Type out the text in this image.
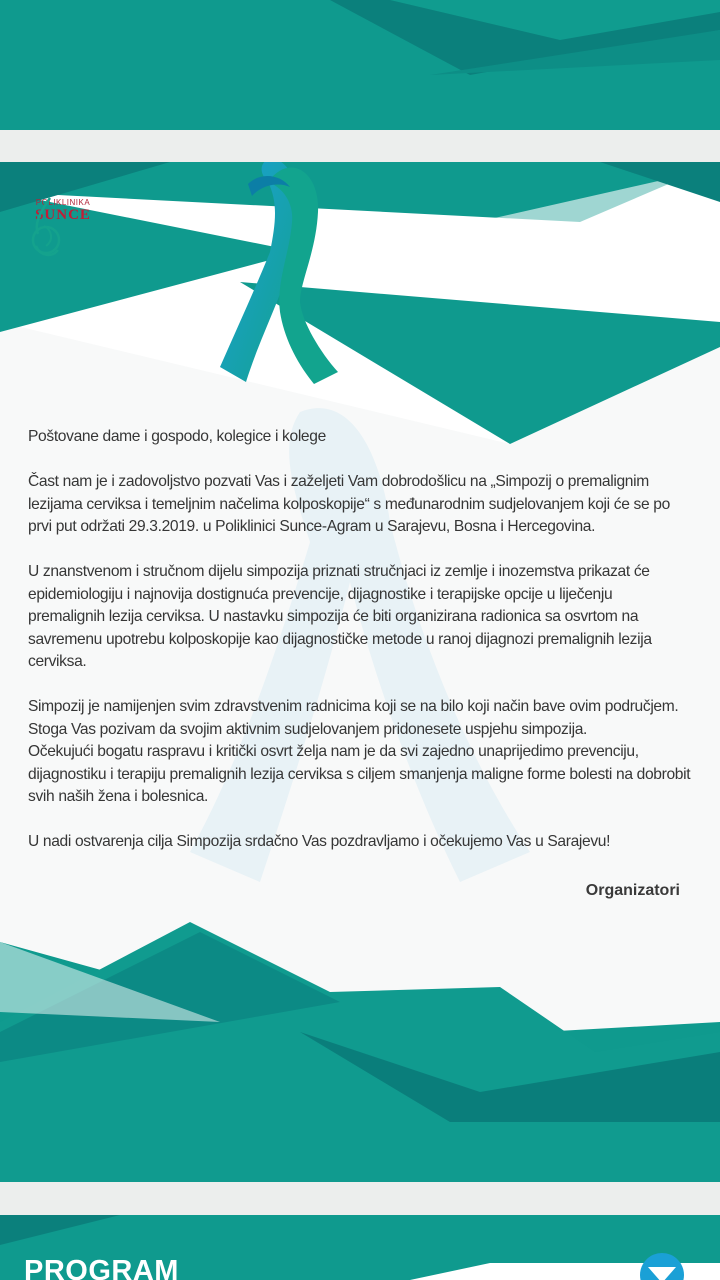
POLIKLINIKA
SUNCE

Poštovane dame i gospodo, kolegice i kolege

Čast nam je i zadovoljstvo pozvati Vas i zaželjeti Vam dobrodošlicu na „Simpozij o premalignim lezijama cerviksa i temeljnim načelima kolposkopije“ s međunarodnim sudjelovanjem koji će se po prvi put održati 29.3.2019. u Poliklinici Sunce-Agram u Sarajevu, Bosna i Hercegovina.

U znanstvenom i stručnom dijelu simpozija priznati stručnjaci iz zemlje i inozemstva prikazat će epidemiologiju i najnovija dostignuća prevencije, dijagnostike i terapijske opcije u liječenju premalignih lezija cerviksa. U nastavku simpozija će biti organizirana radionica sa osvrtom na savremenu upotrebu kolposkopije kao dijagnostičke metode u ranoj dijagnozi premalignih lezija cerviksa.

Simpozij je namijenjen svim zdravstvenim radnicima koji se na bilo koji način bave ovim područjem. Stoga Vas pozivam da svojim aktivnim sudjelovanjem pridonesete uspjehu simpozija.
Očekujući bogatu raspravu i kritički osvrt želja nam je da svi zajedno unaprijedimo prevenciju, dijagnostiku i terapiju premalignih lezija cerviksa s ciljem smanjenja maligne forme bolesti na dobrobit svih naših žena i bolesnica.

U nadi ostvarenja cilja Simpozija srdačno Vas pozdravljamo i očekujemo Vas u Sarajevu!

Organizatori
PROGRAM
